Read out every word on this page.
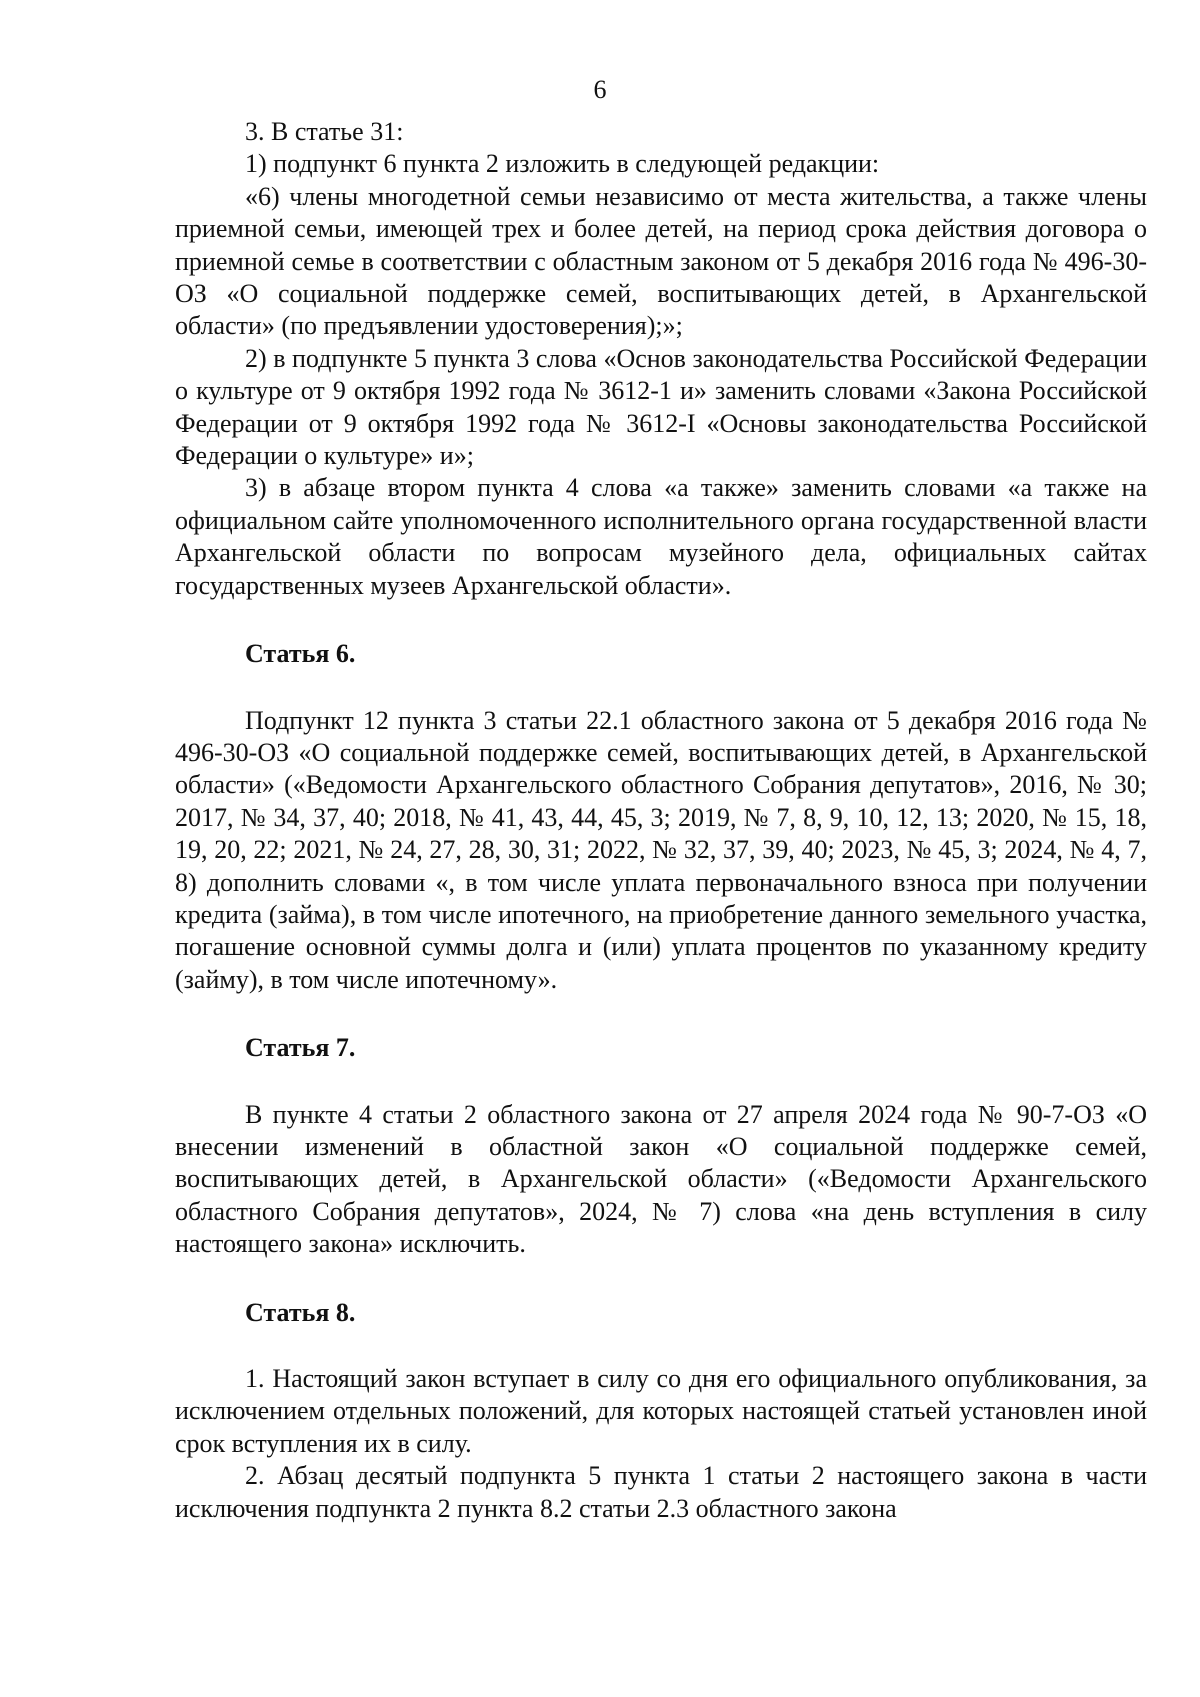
6

3. В статье 31:

1) подпункт 6 пункта 2 изложить в следующей редакции:

«6) члены многодетной семьи независимо от места жительства, а также члены приемной семьи, имеющей трех и более детей, на период срока действия договора о приемной семье в соответствии с областным законом от 5 декабря 2016 года № 496-30-ОЗ «О социальной поддержке семей, воспитывающих детей, в Архангельской области» (по предъявлении удостоверения);»;

2) в подпункте 5 пункта 3 слова «Основ законодательства Российской Федерации о культуре от 9 октября 1992 года № 3612-1 и» заменить словами «Закона Российской Федерации от 9 октября 1992 года № 3612-I «Основы законодательства Российской Федерации о культуре» и»;

3) в абзаце втором пункта 4 слова «а также» заменить словами «а также на официальном сайте уполномоченного исполнительного органа государственной власти Архангельской области по вопросам музейного дела, официальных сайтах государственных музеев Архангельской области».

Статья 6.

Подпункт 12 пункта 3 статьи 22.1 областного закона от 5 декабря 2016 года № 496-30-ОЗ «О социальной поддержке семей, воспитывающих детей, в Архангельской области» («Ведомости Архангельского областного Собрания депутатов», 2016, № 30; 2017, № 34, 37, 40; 2018, № 41, 43, 44, 45, 3; 2019, № 7, 8, 9, 10, 12, 13; 2020, № 15, 18, 19, 20, 22; 2021, № 24, 27, 28, 30, 31; 2022, № 32, 37, 39, 40; 2023, № 45, 3; 2024, № 4, 7, 8) дополнить словами «, в том числе уплата первоначального взноса при получении кредита (займа), в том числе ипотечного, на приобретение данного земельного участка, погашение основной суммы долга и (или) уплата процентов по указанному кредиту (займу), в том числе ипотечному».

Статья 7.

В пункте 4 статьи 2 областного закона от 27 апреля 2024 года № 90-7-ОЗ «О внесении изменений в областной закон «О социальной поддержке семей, воспитывающих детей, в Архангельской области» («Ведомости Архангельского областного Собрания депутатов», 2024, № 7) слова «на день вступления в силу настоящего закона» исключить.

Статья 8.

1. Настоящий закон вступает в силу со дня его официального опубликования, за исключением отдельных положений, для которых настоящей статьей установлен иной срок вступления их в силу.

2. Абзац десятый подпункта 5 пункта 1 статьи 2 настоящего закона в части исключения подпункта 2 пункта 8.2 статьи 2.3 областного закона
